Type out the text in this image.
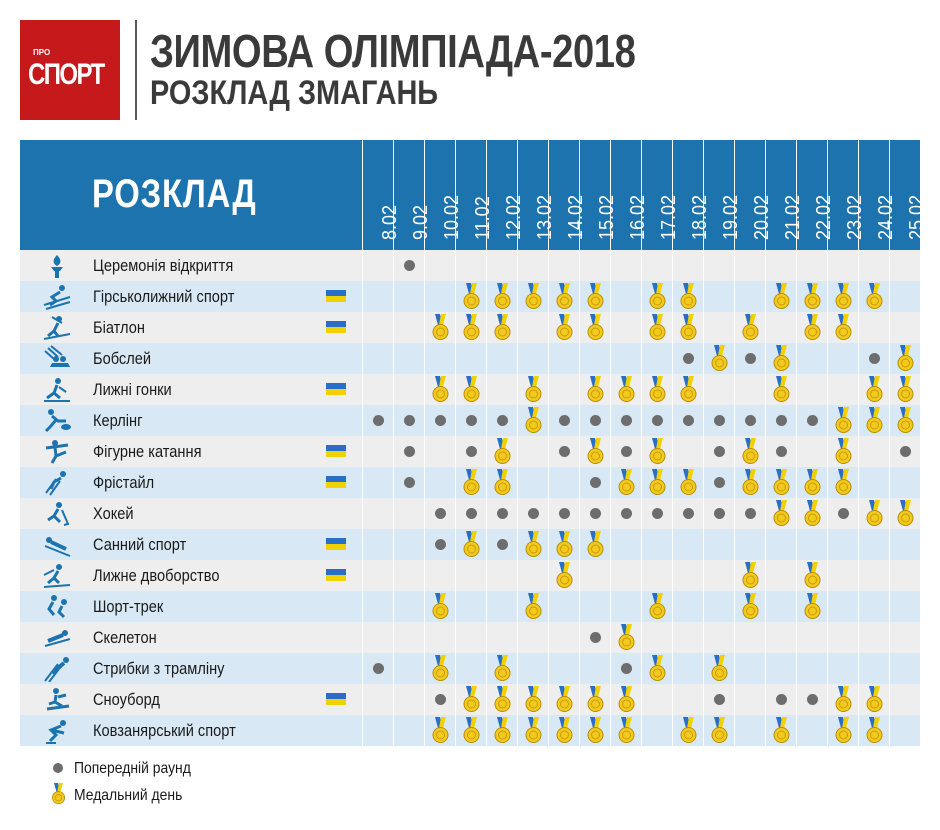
ПРО
СПОРТ ЗИМОВА ОЛІМПІАДА-2018
РОЗКЛАД ЗМАГАНЬ
РОЗКЛАД
8.02 9.02 10.02 11.02 12.02 13.02 14.02 15.02 16.02 17.02 18.02 19.02 20.02 21.02 22.02 23.02 24.02 25.02
Церемонія відкриття
Гірськолижний спорт
Біатлон
Бобслей
Лижні гонки
Керлінг
Фігурне катання
Фрістайл
Хокей
Санний спорт
Лижне двоборство
Шорт-трек
Скелетон
Стрибки з трамліну
Сноуборд
Ковзанярський спорт
Попередній раунд
Медальний день
